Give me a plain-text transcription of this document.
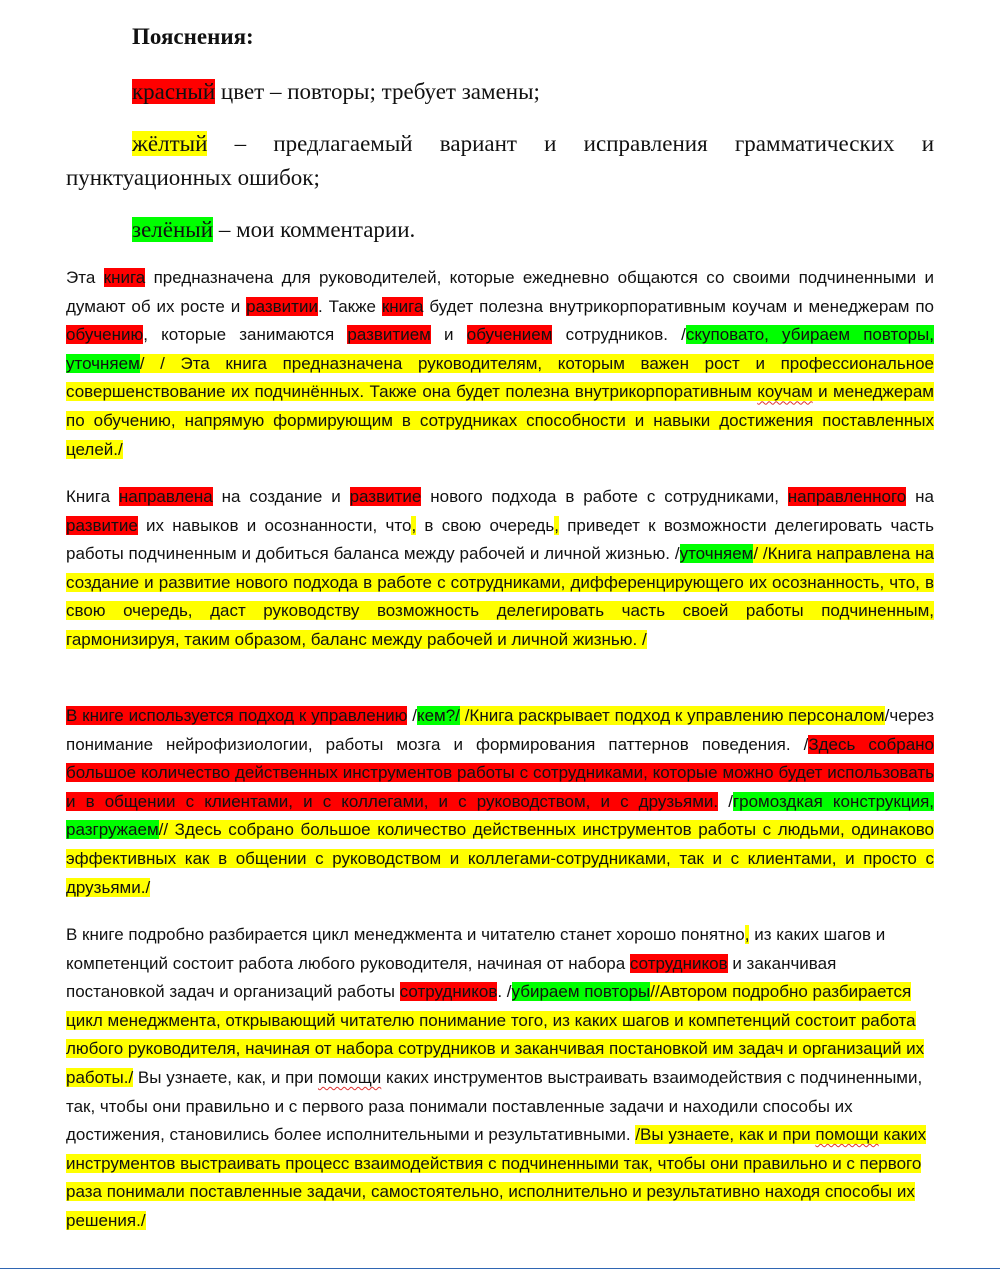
Пояснения:

красный цвет – повторы; требует замены;

жёлтый – предлагаемый вариант и исправления грамматических и пунктуационных ошибок;

зелёный – мои комментарии.

Эта книга предназначена для руководителей, которые ежедневно общаются со своими подчиненными и думают об их росте и развитии. Также книга будет полезна внутрикорпоративным коучам и менеджерам по обучению, которые занимаются развитием и обучением сотрудников. /скуповато, убираем повторы, уточняем/ / Эта книга предназначена руководителям, которым важен рост и профессиональное совершенствование их подчинённых. Также она будет полезна внутрикорпоративным коучам и менеджерам по обучению, напрямую формирующим в сотрудниках способности и навыки достижения поставленных целей./

Книга направлена на создание и развитие нового подхода в работе с сотрудниками, направленного на развитие их навыков и осознанности, что, в свою очередь, приведет к возможности делегировать часть работы подчиненным и добиться баланса между рабочей и личной жизнью. /уточняем/ /Книга направлена на создание и развитие нового подхода в работе с сотрудниками, дифференцирующего их осознанность, что, в свою очередь, даст руководству возможность делегировать часть своей работы подчиненным, гармонизируя, таким образом, баланс между рабочей и личной жизнью. /

В книге используется подход к управлению /кем?/ /Книга раскрывает подход к управлению персоналом/через понимание нейрофизиологии, работы мозга и формирования паттернов поведения. /Здесь собрано большое количество действенных инструментов работы с сотрудниками, которые можно будет использовать и в общении с клиентами, и с коллегами, и с руководством, и с друзьями. /громоздкая конструкция, разгружаем// Здесь собрано большое количество действенных инструментов работы с людьми, одинаково эффективных как в общении с руководством и коллегами-сотрудниками, так и с клиентами, и просто с друзьями./

В книге подробно разбирается цикл менеджмента и читателю станет хорошо понятно, из каких шагов и компетенций состоит работа любого руководителя, начиная от набора сотрудников и заканчивая постановкой задач и организаций работы сотрудников. /убираем повторы//Автором подробно разбирается цикл менеджмента, открывающий читателю понимание того, из каких шагов и компетенций состоит работа любого руководителя, начиная от набора сотрудников и заканчивая постановкой им задач и организаций их работы./ Вы узнаете, как, и при помощи каких инструментов выстраивать взаимодействия с подчиненными, так, чтобы они правильно и с первого раза понимали поставленные задачи и находили способы их достижения, становились более исполнительными и результативными. /Вы узнаете, как и при помощи каких инструментов выстраивать процесс взаимодействия с подчиненными так, чтобы они правильно и с первого раза понимали поставленные задачи, самостоятельно, исполнительно и результативно находя способы их решения./
